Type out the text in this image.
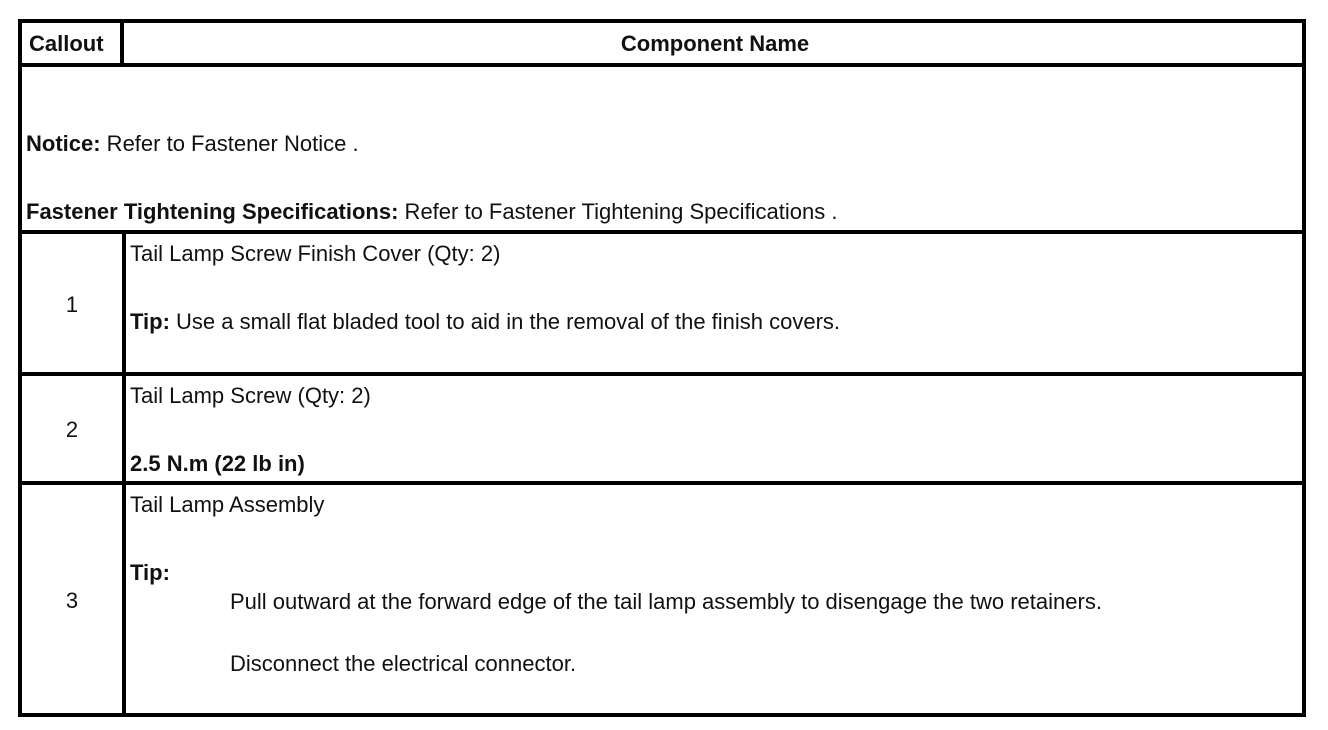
Callout	Component Name
Notice: Refer to Fastener Notice .
Fastener Tightening Specifications: Refer to Fastener Tightening Specifications .
1
Tail Lamp Screw Finish Cover (Qty: 2)
Tip: Use a small flat bladed tool to aid in the removal of the finish covers.
2
Tail Lamp Screw (Qty: 2)
2.5 N.m (22 lb in)
3
Tail Lamp Assembly
Tip:
Pull outward at the forward edge of the tail lamp assembly to disengage the two retainers.
Disconnect the electrical connector.
